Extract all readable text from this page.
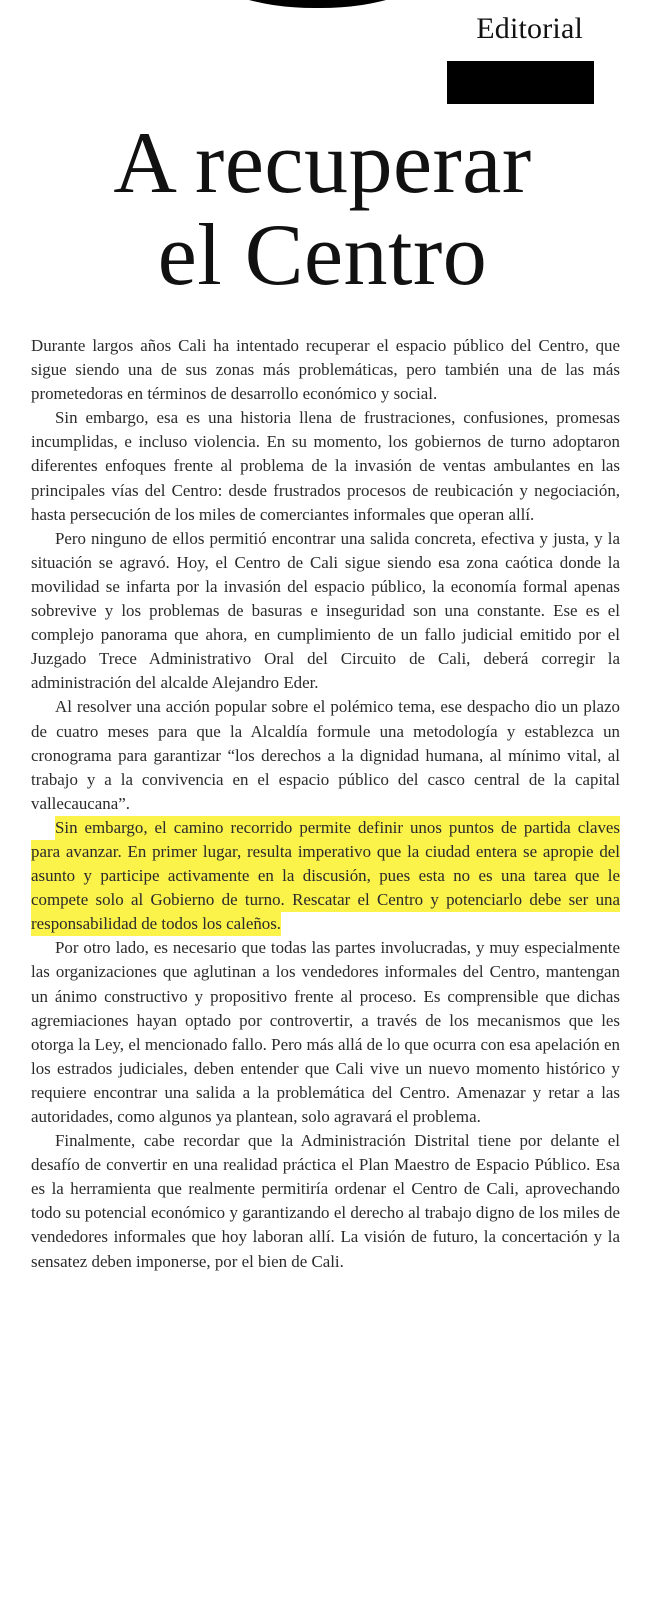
Editorial
A recuperar
el Centro

Durante largos años Cali ha intentado recuperar el espacio público del Centro, que sigue siendo una de sus zonas más problemáticas, pero también una de las más prometedoras en términos de desarrollo económico y social.

Sin embargo, esa es una historia llena de frustraciones, confusiones, promesas incumplidas, e incluso violencia. En su momento, los gobiernos de turno adoptaron diferentes enfoques frente al problema de la invasión de ventas ambulantes en las principales vías del Centro: desde frustrados procesos de reubicación y negociación, hasta persecución de los miles de comerciantes informales que operan allí.

Pero ninguno de ellos permitió encontrar una salida concreta, efectiva y justa, y la situación se agravó. Hoy, el Centro de Cali sigue siendo esa zona caótica donde la movilidad se infarta por la invasión del espacio público, la economía formal apenas sobrevive y los problemas de basuras e inseguridad son una constante. Ese es el complejo panorama que ahora, en cumplimiento de un fallo judicial emitido por el Juzgado Trece Administrativo Oral del Circuito de Cali, deberá corregir la administración del alcalde Alejandro Eder.

Al resolver una acción popular sobre el polémico tema, ese despacho dio un plazo de cuatro meses para que la Alcaldía formule una metodología y establezca un cronograma para garantizar “los derechos a la dignidad humana, al mínimo vital, al trabajo y a la convivencia en el espacio público del casco central de la capital vallecaucana”.

Sin embargo, el camino recorrido permite definir unos puntos de partida claves para avanzar. En primer lugar, resulta imperativo que la ciudad entera se apropie del asunto y participe activamente en la discusión, pues esta no es una tarea que le compete solo al Gobierno de turno. Rescatar el Centro y potenciarlo debe ser una responsabilidad de todos los caleños.

Por otro lado, es necesario que todas las partes involucradas, y muy especialmente las organizaciones que aglutinan a los vendedores informales del Centro, mantengan un ánimo constructivo y propositivo frente al proceso. Es comprensible que dichas agremiaciones hayan optado por controvertir, a través de los mecanismos que les otorga la Ley, el mencionado fallo. Pero más allá de lo que ocurra con esa apelación en los estrados judiciales, deben entender que Cali vive un nuevo momento histórico y requiere encontrar una salida a la problemática del Centro. Amenazar y retar a las autoridades, como algunos ya plantean, solo agravará el problema.

Finalmente, cabe recordar que la Administración Distrital tiene por delante el desafío de convertir en una realidad práctica el Plan Maestro de Espacio Público. Esa es la herramienta que realmente permitiría ordenar el Centro de Cali, aprovechando todo su potencial económico y garantizando el derecho al trabajo digno de los miles de vendedores informales que hoy laboran allí. La visión de futuro, la concertación y la sensatez deben imponerse, por el bien de Cali.
